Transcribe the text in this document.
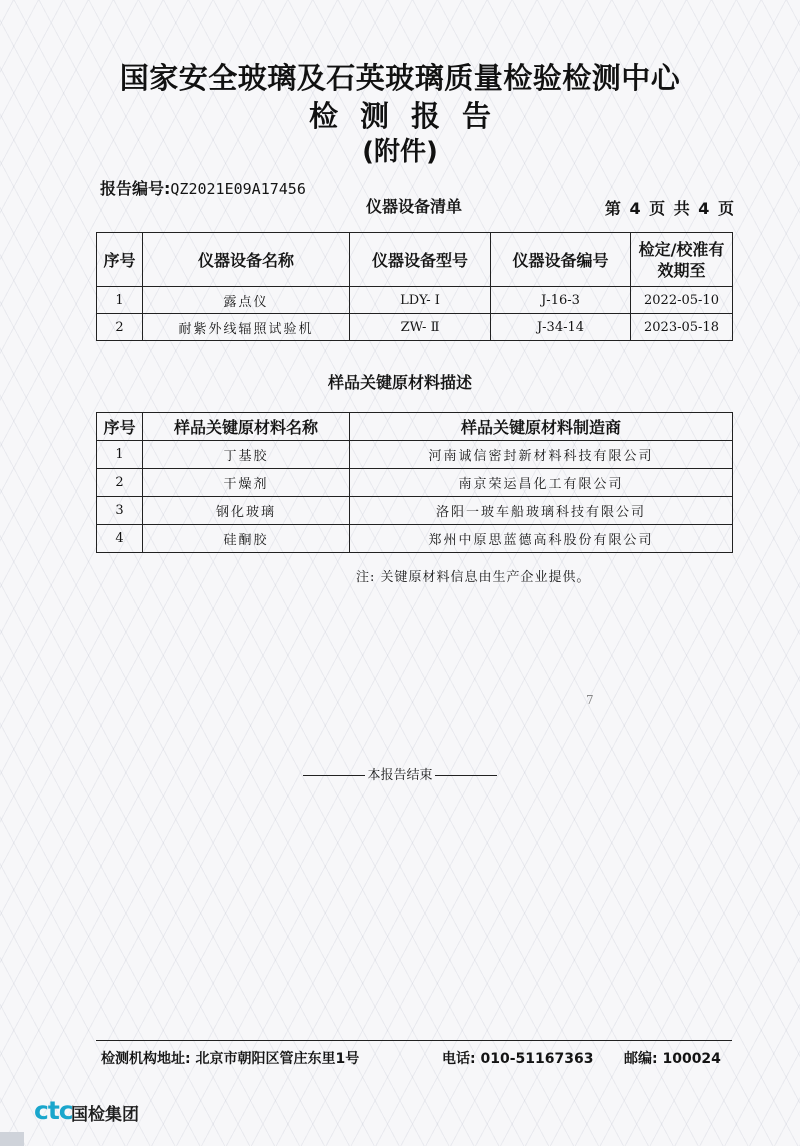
国家安全玻璃及石英玻璃质量检验检测中心
检测报告
(附件)
报告编号:QZ2021E09A17456
仪器设备清单	第 4 页 共 4 页
序号	仪器设备名称	仪器设备型号	仪器设备编号	检定/校准有效期至
1	露点仪	LDY- Ⅰ	J-16-3	2022-05-10
2	耐紫外线辐照试验机	ZW- Ⅱ	J-34-14	2023-05-18
样品关键原材料描述
序号	样品关键原材料名称	样品关键原材料制造商
1	丁基胶	河南诚信密封新材料科技有限公司
2	干燥剂	南京荣运昌化工有限公司
3	钢化玻璃	洛阳一玻车船玻璃科技有限公司
4	硅酮胶	郑州中原思蓝德高科股份有限公司
注: 关键原材料信息由生产企业提供。
7
本报告结束
检测机构地址: 北京市朝阳区管庄东里1号	电话: 010-51167363 邮编: 100024
ctc
国检集团
